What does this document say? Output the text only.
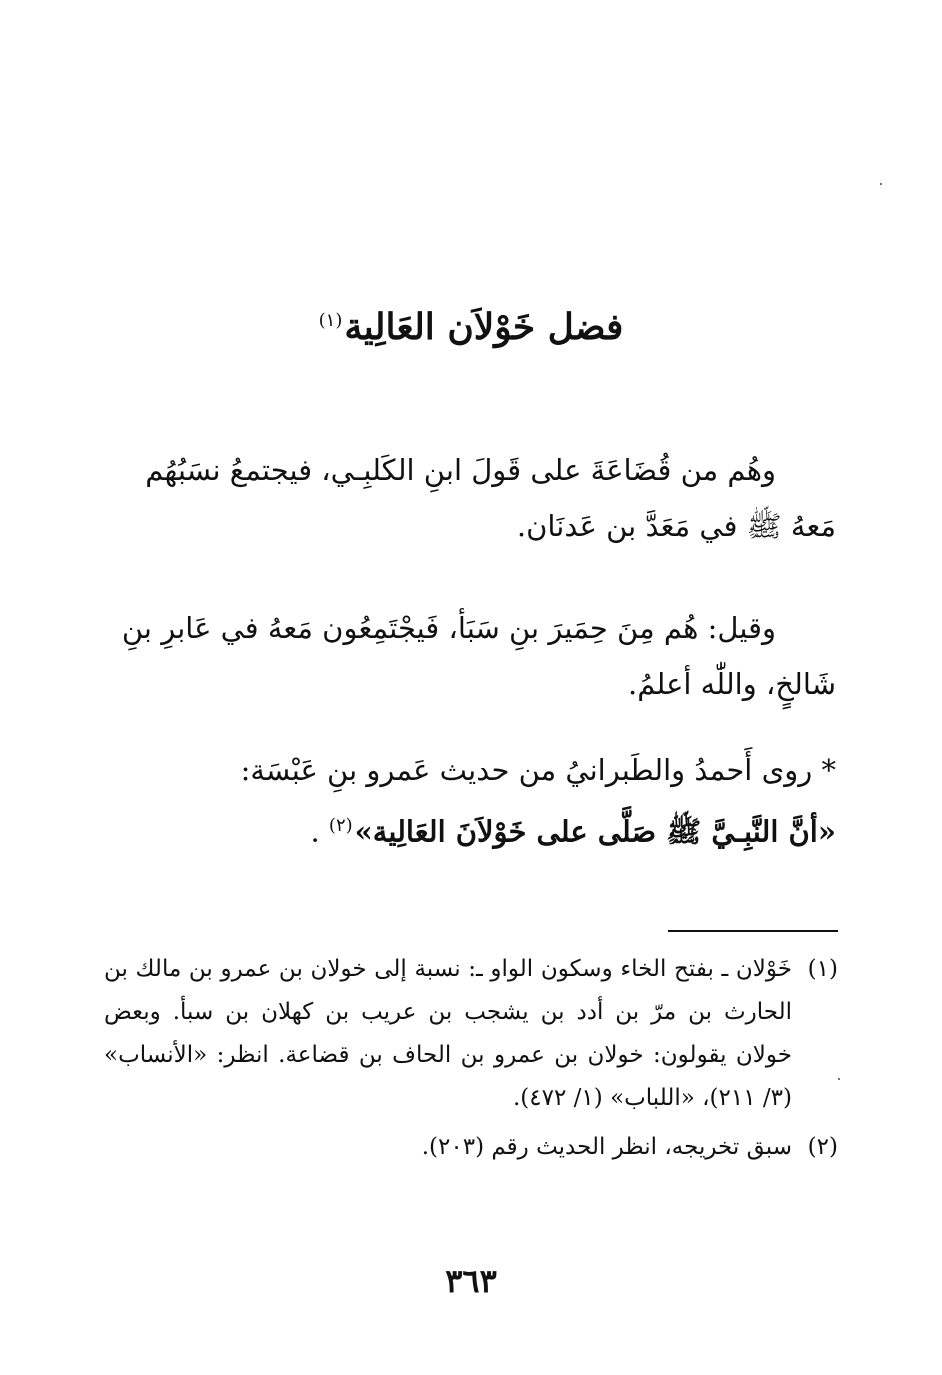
فضل خَوْلاَن العَالِية$^{(١)}$
وهُم من قُضَاعَةَ على قَولَ ابنِ الكَلبِـي، فيجتمعُ نسَبُهُم
مَعهُ ﷺ في مَعَدَّ بن عَدنَان.
وقيل: هُم مِنَ حِمَيرَ بنِ سَبَأ، فَيجْتَمِعُون مَعهُ في عَابرِ بنِ
شَالخٍ، واللّٰه أعلمُ.
* روى أَحمدُ والطَبرانيُ من حديث عَمرو بنِ عَبْسَة:
«أنَّ النَّبِـيَّ ﷺ صَلَّى على خَوْلاَنَ العَالِية»$^{(٢)}$ .
(١)
خَوْلان ـ بفتح الخاء وسكون الواو ـ: نسبة إلى خولان بن عمرو بن مالك بن الحارث بن مرّ بن أدد بن يشجب بن عريب بن كهلان بن سبأ. وبعض خولان يقولون: خولان بن عمرو بن الحاف بن قضاعة. انظر: «الأنساب» (٣/ ٢١١)، «اللباب» (١/ ٤٧٢).
(٢)
سبق تخريجه، انظر الحديث رقم (٢٠٣).
٣٦٣
